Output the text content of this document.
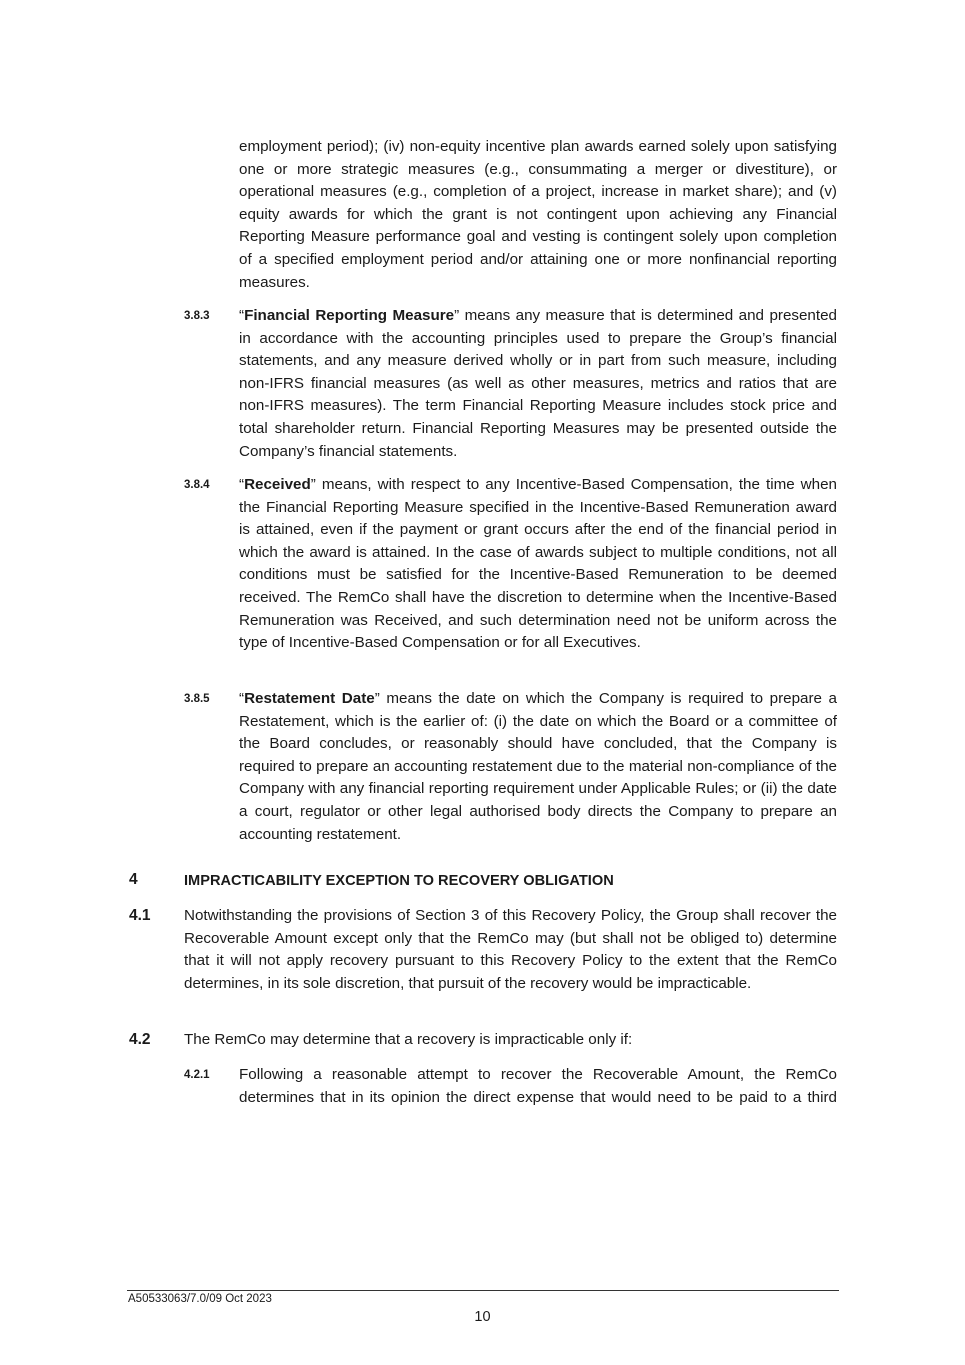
employment period); (iv) non-equity incentive plan awards earned solely upon satisfying one or more strategic measures (e.g., consummating a merger or divestiture), or operational measures (e.g., completion of a project, increase in market share); and (v) equity awards for which the grant is not contingent upon achieving any Financial Reporting Measure performance goal and vesting is contingent solely upon completion of a specified employment period and/or attaining one or more nonfinancial reporting measures.
3.8.3 “Financial Reporting Measure” means any measure that is determined and presented in accordance with the accounting principles used to prepare the Group’s financial statements, and any measure derived wholly or in part from such measure, including non-IFRS financial measures (as well as other measures, metrics and ratios that are non-IFRS measures). The term Financial Reporting Measure includes stock price and total shareholder return. Financial Reporting Measures may be presented outside the Company’s financial statements.
3.8.4 “Received” means, with respect to any Incentive-Based Compensation, the time when the Financial Reporting Measure specified in the Incentive-Based Remuneration award is attained, even if the payment or grant occurs after the end of the financial period in which the award is attained. In the case of awards subject to multiple conditions, not all conditions must be satisfied for the Incentive-Based Remuneration to be deemed received. The RemCo shall have the discretion to determine when the Incentive-Based Remuneration was Received, and such determination need not be uniform across the type of Incentive-Based Compensation or for all Executives.
3.8.5 “Restatement Date” means the date on which the Company is required to prepare a Restatement, which is the earlier of: (i) the date on which the Board or a committee of the Board concludes, or reasonably should have concluded, that the Company is required to prepare an accounting restatement due to the material non-compliance of the Company with any financial reporting requirement under Applicable Rules; or (ii) the date a court, regulator or other legal authorised body directs the Company to prepare an accounting restatement.
4	IMPRACTICABILITY EXCEPTION TO RECOVERY OBLIGATION
4.1 Notwithstanding the provisions of Section 3 of this Recovery Policy, the Group shall recover the Recoverable Amount except only that the RemCo may (but shall not be obliged to) determine that it will not apply recovery pursuant to this Recovery Policy to the extent that the RemCo determines, in its sole discretion, that pursuit of the recovery would be impracticable.
4.2 The RemCo may determine that a recovery is impracticable only if:
4.2.1 Following a reasonable attempt to recover the Recoverable Amount, the RemCo determines that in its opinion the direct expense that would need to be paid to a third
A50533063/7.0/09 Oct 2023
10
